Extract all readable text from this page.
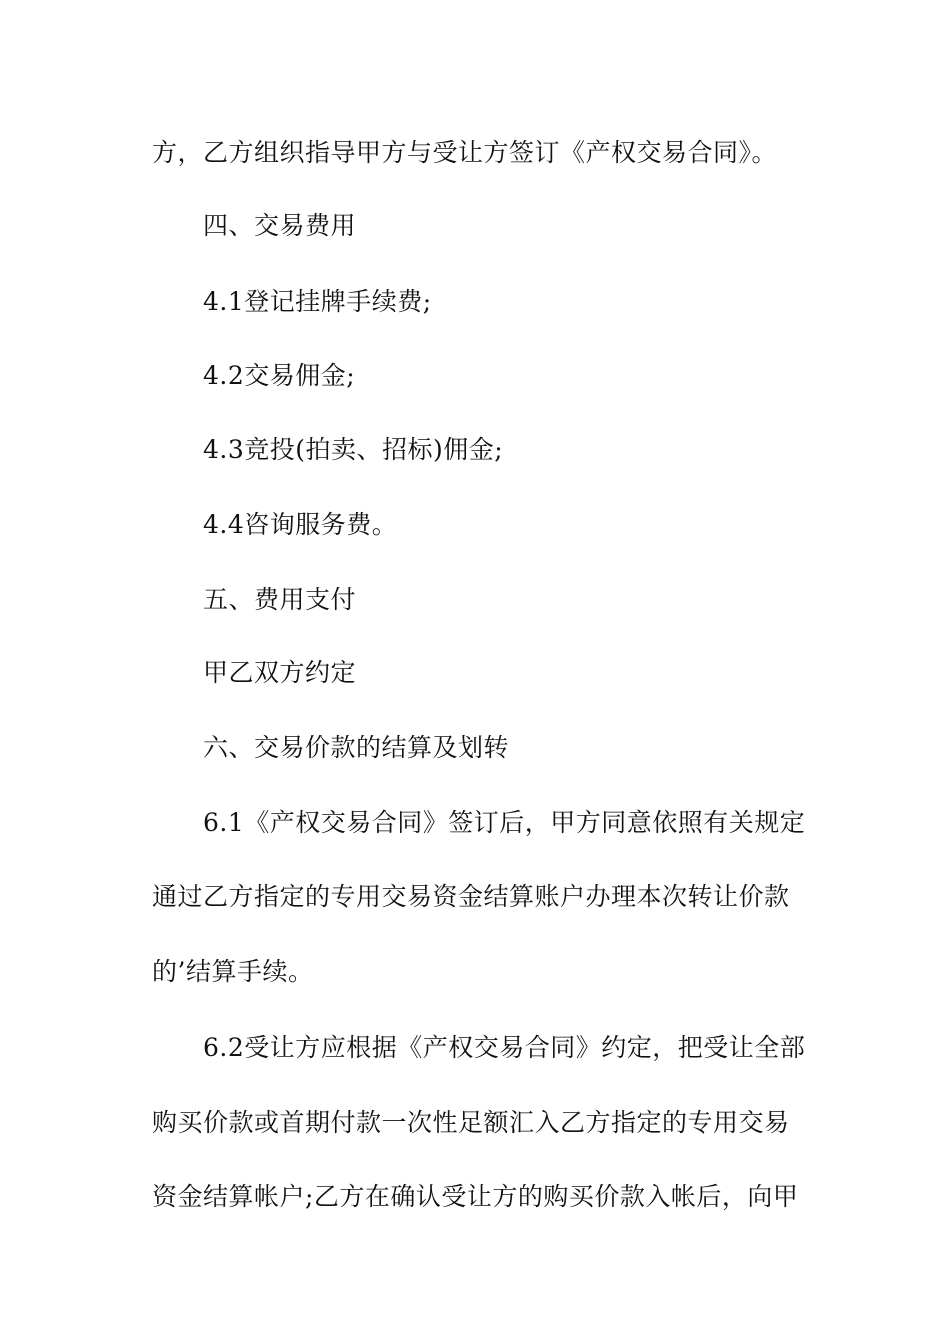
方，乙方组织指导甲方与受让方签订《产权交易合同》。
四、交易费用
4.1登记挂牌手续费;
4.2交易佣金;
4.3竞投(拍卖、招标)佣金;
4.4咨询服务费。
五、费用支付
甲乙双方约定
六、交易价款的结算及划转
6.1《产权交易合同》签订后，甲方同意依照有关规定
通过乙方指定的专用交易资金结算账户办理本次转让价款
的’结算手续。
6.2受让方应根据《产权交易合同》约定，把受让全部
购买价款或首期付款一次性足额汇入乙方指定的专用交易
资金结算帐户;乙方在确认受让方的购买价款入帐后，向甲
